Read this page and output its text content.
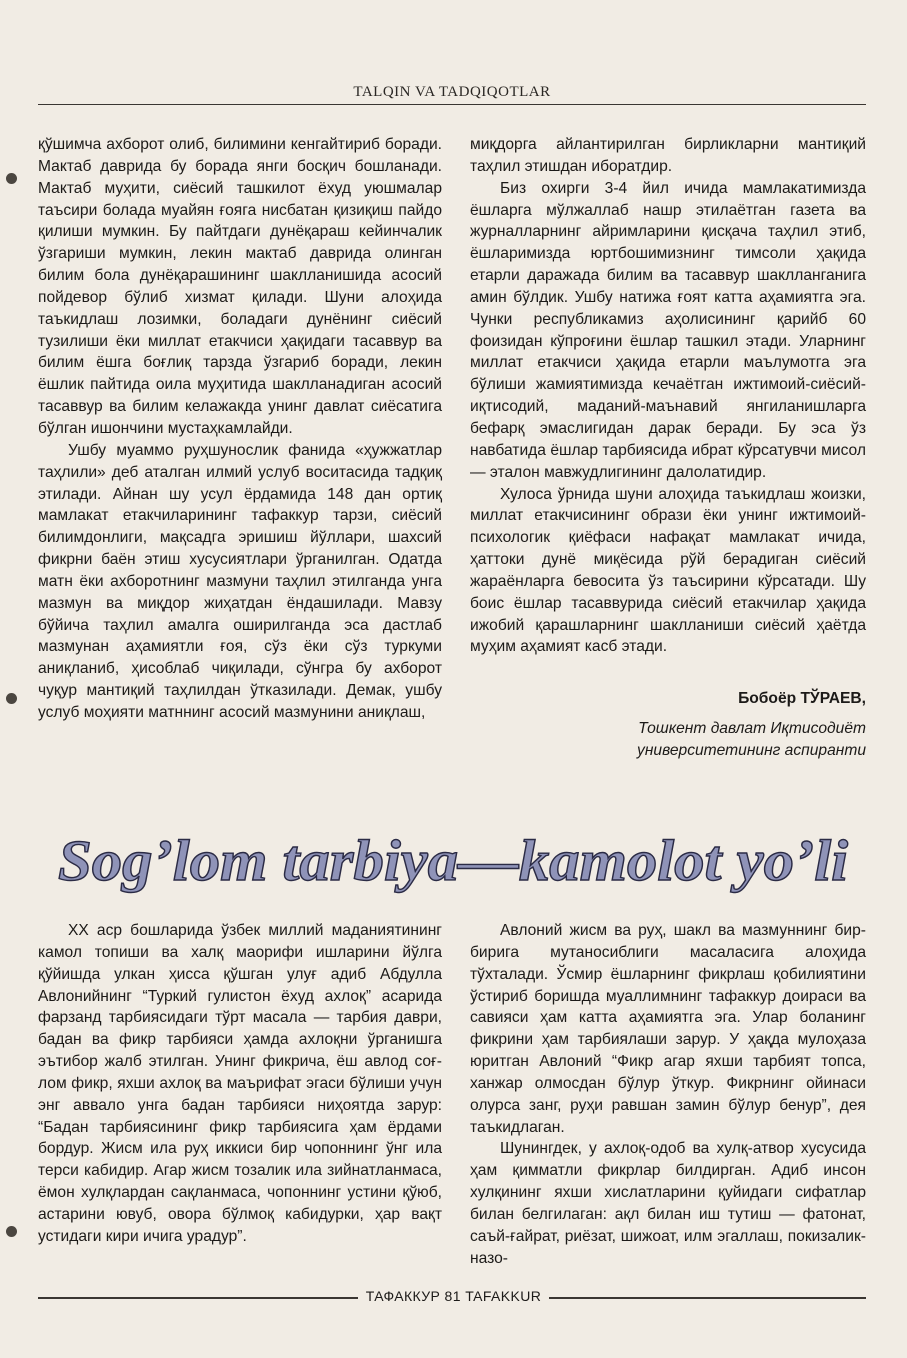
TALQIN VA TADQIQOTLAR

қўшимча ахборот олиб, билимини кенгайтириб боради. Мактаб даврида бу борада янги босқич бошланади. Мактаб муҳити, сиёсий ташкилот ёхуд уюшмалар таъсири болада муайян ғояга нисбатан қизиқиш пайдо қилиши мумкин. Бу пайтдаги дунёқараш кейинчалик ўзгариши мумкин, лекин мактаб даврида олинган билим бола дунёқарашининг шаклланишида асосий пойдевор бўлиб хизмат қилади. Шуни алоҳида таъкидлаш лозимки, боладаги дунёнинг сиёсий тузилиши ёки миллат етакчиси ҳақидаги тасаввур ва билим ёшга боғлиқ тарзда ўзгариб боради, лекин ёшлик пайтида оила муҳитида шаклланадиган асосий тасаввур ва билим келажакда унинг давлат сиёсатига бўлган ишончини мустаҳкамлайди.

Ушбу муаммо руҳшунослик фанида «ҳужжатлар таҳлили» деб аталган илмий услуб воситасида тадқиқ этилади. Айнан шу усул ёрдамида 148 дан ортиқ мамлакат етакчиларининг тафаккур тарзи, сиёсий билимдонлиги, мақсадга эришиш йўллари, шахсий фикрни баён этиш хусусиятлари ўрганилган. Одатда матн ёки ахборотнинг мазмуни таҳлил этилганда унга мазмун ва миқдор жиҳатдан ёндашилади. Мавзу бўйича таҳлил амалга оширилганда эса дастлаб мазмунан аҳамиятли ғоя, сўз ёки сўз туркуми аниқланиб, ҳисоблаб чиқилади, сўнгра бу ахборот чуқур мантиқий таҳлилдан ўтказилади. Демак, ушбу услуб моҳияти матннинг асосий мазмунини аниқлаш,

миқдорга айлантирилган бирликларни мантиқий таҳлил этишдан иборатдир.

Биз охирги 3-4 йил ичида мамлакатимизда ёшларга мўлжаллаб нашр этилаётган газета ва журналларнинг айримларини қисқача таҳлил этиб, ёшларимизда юртбошимизнинг тимсоли ҳақида етарли даражада билим ва тасаввур шаклланганига амин бўлдик. Ушбу натижа ғоят катта аҳамиятга эга. Чунки республикамиз аҳолисининг қарийб 60 фоизидан кўпроғини ёшлар ташкил этади. Уларнинг миллат етакчиси ҳақида етарли маълумотга эга бўлиши жамиятимизда кечаётган ижтимоий-сиёсий-иқтисодий, маданий-маънавий янгиланишларга бефарқ эмаслигидан дарак беради. Бу эса ўз навбатида ёшлар тарбиясида ибрат кўрсатувчи мисол — эталон мавжудлигининг далолатидир.

Хулоса ўрнида шуни алоҳида таъкидлаш жоизки, миллат етакчисининг образи ёки унинг ижтимоий-психологик қиёфаси нафақат мамлакат ичида, ҳаттоки дунё миқёсида рўй берадиган сиёсий жараёнларга бевосита ўз таъсирини кўрсатади. Шу боис ёшлар тасаввурида сиёсий етакчилар ҳақида ижобий қарашларнинг шаклланиши сиёсий ҳаётда муҳим аҳамият касб этади.

Бобоёр ТЎРАЕВ,
Тошкент давлат Иқтисодиёт
университетининг аспиранти
Sog’lom tarbiya—kamolot yo’li

XX аср бошларида ўзбек миллий маданиятининг камол топиши ва халқ маорифи ишларини йўлга қўйишда улкан ҳисса қўшган улуғ адиб Абдулла Авлонийнинг “Туркий гулистон ёхуд ахлоқ” асарида фарзанд тарбиясидаги тўрт масала — тарбия даври, бадан ва фикр тарбияси ҳамда ахлоқни ўрганишга эътибор жалб этилган. Унинг фикрича, ёш авлод соғлом фикр, яхши ахлоқ ва маърифат эгаси бўлиши учун энг аввало унга бадан тарбияси ниҳоятда зарур: “Бадан тарбиясининг фикр тарбиясига ҳам ёрдами бордур. Жисм ила руҳ иккиси бир чопоннинг ўнг ила терси кабидир. Агар жисм тозалик ила зийнатланмаса, ёмон хулқлардан сақланмаса, чопоннинг устини қўюб, астарини ювуб, овора бўлмоқ кабидурки, ҳар вақт устидаги кири ичига урадур”.

Авлоний жисм ва руҳ, шакл ва мазмуннинг бир-бирига мутаносиблиги масаласига алоҳида тўхталади. Ўсмир ёшларнинг фикрлаш қобилиятини ўстириб боришда муаллимнинг тафаккур доираси ва савияси ҳам катта аҳамиятга эга. Улар боланинг фикрини ҳам тарбиялаши зарур. У ҳақда мулоҳаза юритган Авлоний “Фикр агар яхши тарбият топса, ханжар олмосдан бўлур ўткур. Фикрнинг ойинаси олурса занг, руҳи равшан замин бўлур бенур”, дея таъкидлаган.

Шунингдек, у ахлоқ-одоб ва хулқ-атвор хусусида ҳам қимматли фикрлар билдирган. Адиб инсон хулқининг яхши хислатларини қуйидаги сифатлар билан белгилаган: ақл билан иш тутиш — фатонат, саъй-ғайрат, риёзат, шижоат, илм эгаллаш, покизалик-назо-

ТАФАККУР 81 TAFAKKUR
